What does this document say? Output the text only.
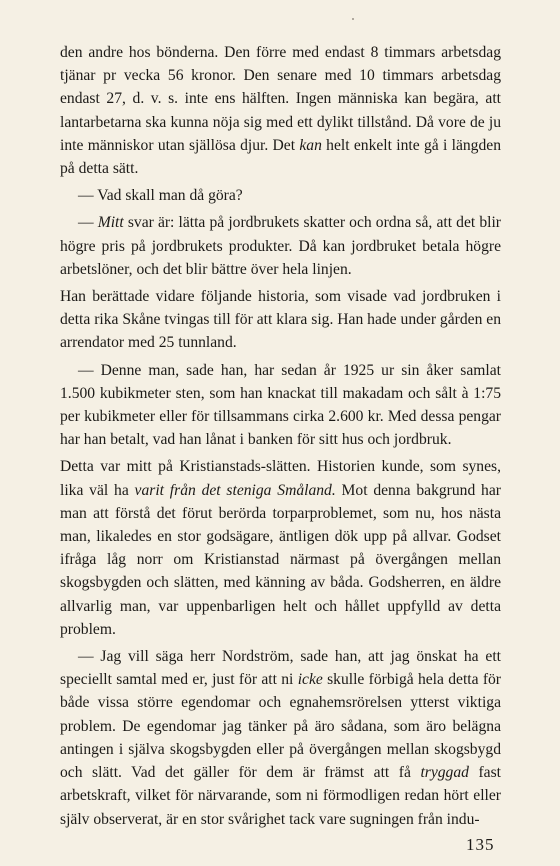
den andre hos bönderna. Den förre med endast 8 timmars arbetsdag tjänar pr vecka 56 kronor. Den senare med 10 timmars arbetsdag endast 27, d. v. s. inte ens hälften. Ingen människa kan begära, att lantarbetarna ska kunna nöja sig med ett dylikt tillstånd. Då vore de ju inte människor utan själlösa djur. Det kan helt enkelt inte gå i längden på detta sätt.

— Vad skall man då göra?

— Mitt svar är: lätta på jordbrukets skatter och ordna så, att det blir högre pris på jordbrukets produkter. Då kan jordbruket betala högre arbetslöner, och det blir bättre över hela linjen.

Han berättade vidare följande historia, som visade vad jordbruken i detta rika Skåne tvingas till för att klara sig. Han hade under gården en arrendator med 25 tunnland.

— Denne man, sade han, har sedan år 1925 ur sin åker samlat 1.500 kubikmeter sten, som han knackat till makadam och sålt à 1:75 per kubikmeter eller för tillsammans cirka 2.600 kr. Med dessa pengar har han betalt, vad han lånat i banken för sitt hus och jordbruk.

Detta var mitt på Kristianstads-slätten. Historien kunde, som synes, lika väl ha varit från det steniga Småland. Mot denna bakgrund har man att förstå det förut berörda torparproblemet, som nu, hos nästa man, likaledes en stor godsägare, äntligen dök upp på allvar. Godset ifråga låg norr om Kristianstad närmast på övergången mellan skogsbygden och slätten, med känning av båda. Godsherren, en äldre allvarlig man, var uppenbarligen helt och hållet uppfylld av detta problem.

— Jag vill säga herr Nordström, sade han, att jag önskat ha ett speciellt samtal med er, just för att ni icke skulle förbigå hela detta för både vissa större egendomar och egnahemsrörelsen ytterst viktiga problem. De egendomar jag tänker på äro sådana, som äro belägna antingen i själva skogsbygden eller på övergången mellan skogsbygd och slätt. Vad det gäller för dem är främst att få tryggad fast arbetskraft, vilket för närvarande, som ni förmodligen redan hört eller själv observerat, är en stor svårighet tack vare sugningen från indu-

135
